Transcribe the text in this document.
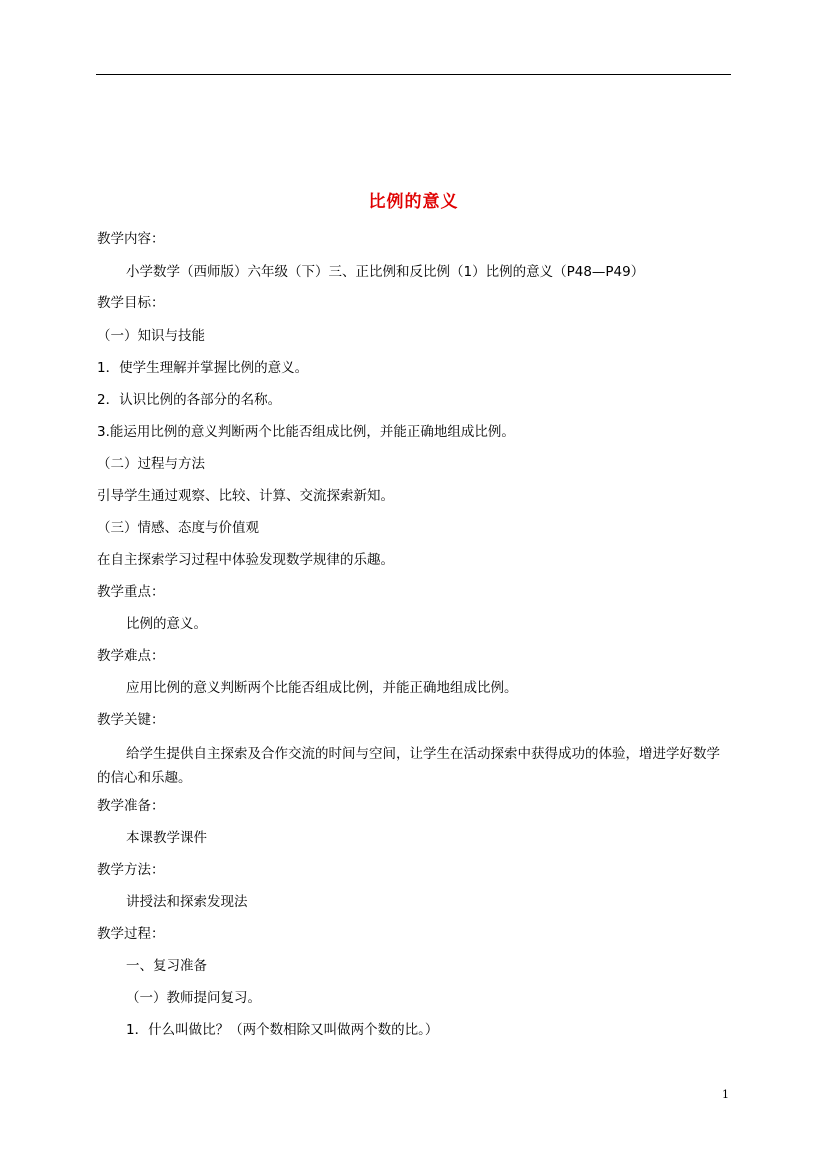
比例的意义
教学内容：
小学数学（西师版）六年级（下）三、正比例和反比例（1）比例的意义（P48—P49）
教学目标：
（一）知识与技能
1．使学生理解并掌握比例的意义。
2．认识比例的各部分的名称。
3.能运用比例的意义判断两个比能否组成比例，并能正确地组成比例。
（二）过程与方法
引导学生通过观察、比较、计算、交流探索新知。
（三）情感、态度与价值观
在自主探索学习过程中体验发现数学规律的乐趣。
教学重点：
比例的意义。
教学难点：
应用比例的意义判断两个比能否组成比例，并能正确地组成比例。
教学关键：
给学生提供自主探索及合作交流的时间与空间，让学生在活动探索中获得成功的体验，增进学好数学的信心和乐趣。
教学准备：
本课教学课件
教学方法：
讲授法和探索发现法
教学过程：
一、复习准备
（一）教师提问复习。
1．什么叫做比？（两个数相除又叫做两个数的比。）
1
